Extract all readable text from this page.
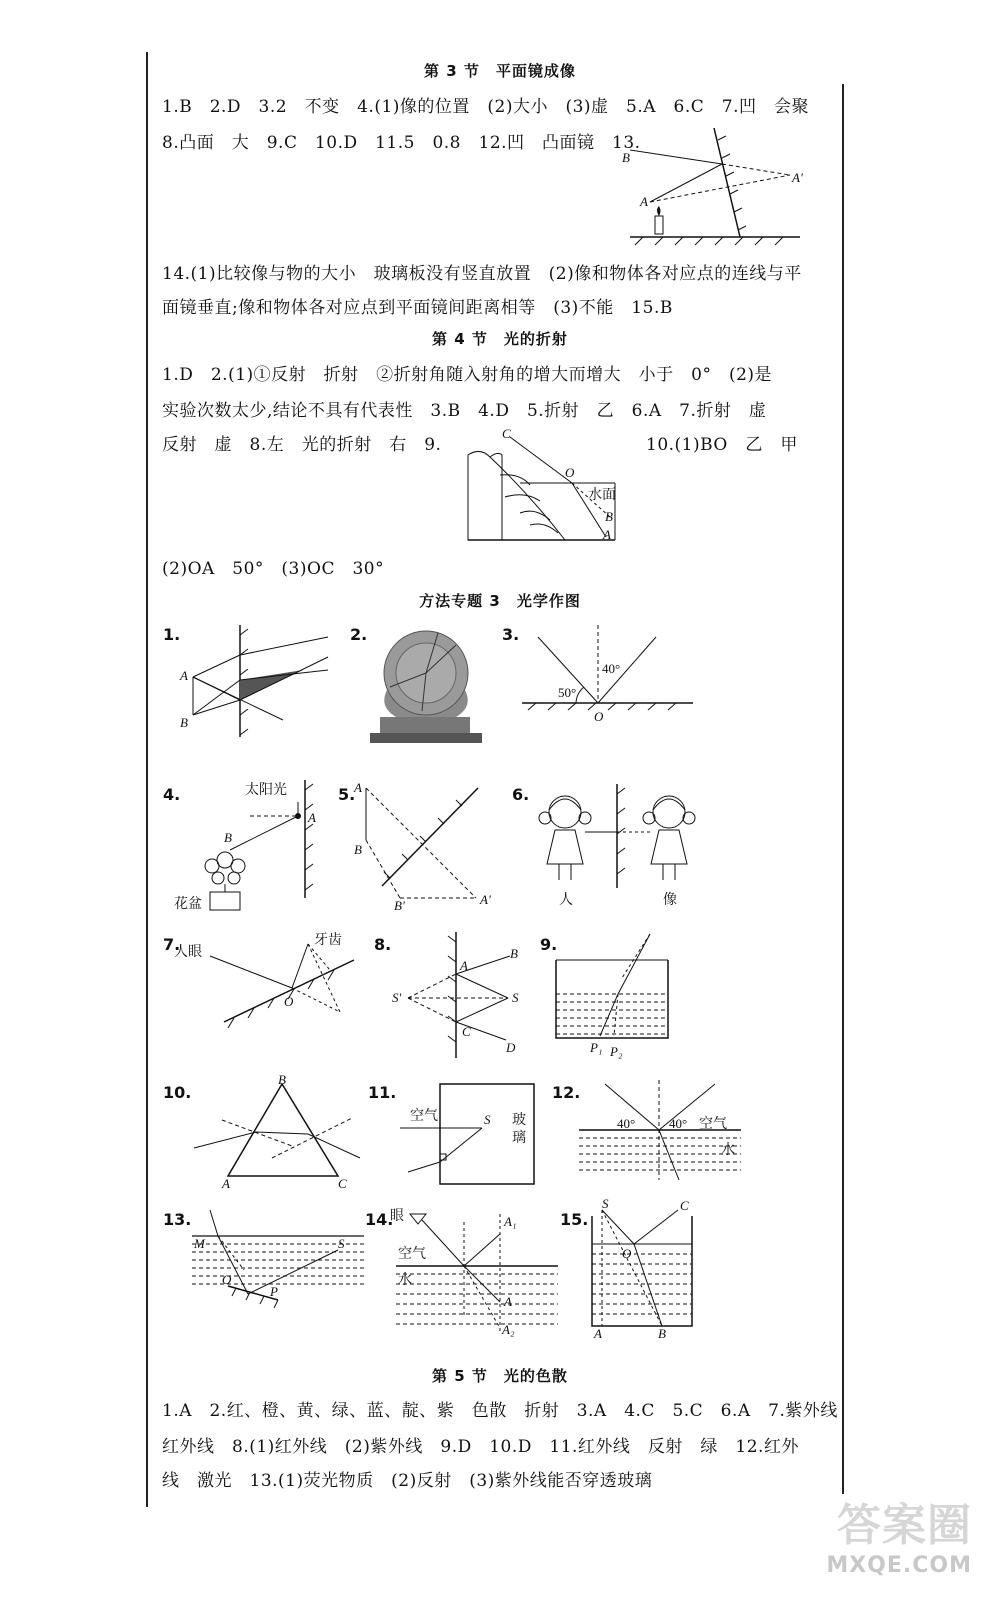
第 3 节　平面镜成像
1.B　2.D　3.2　不变　4.(1)像的位置　(2)大小　(3)虚　5.A　6.C　7.凹　会聚
8.凸面　大　9.C　10.D　11.5　0.8　12.凹　凸面镜　13.
B
A
A'
14.(1)比较像与物的大小　玻璃板没有竖直放置　(2)像和物体各对应点的连线与平
面镜垂直;像和物体各对应点到平面镜间距离相等　(3)不能　15.B
第 4 节　光的折射
1.D　2.(1)①反射　折射　②折射角随入射角的增大而增大　小于　0°　(2)是
实验次数太少,结论不具有代表性　3.B　4.D　5.折射　乙　6.A　7.折射　虚
反射　虚　8.左　光的折射　右　9.	10.(1)BO　乙　甲
C
O
水面
B
A
(2)OA　50°　(3)OC　30°
方法专题 3　光学作图
1.
A
B
2.	3.
40°
50°
O
4.	太阳光
A
B
花盆
5.
A
B
B'	A'
6.
人	像
7.
人眼
牙齿
O
8.
A
B
S'	S
C
D
9.
P₁ P₂
10.
B
A	C
11.
空气	S 玻
璃
12.
40°	40° 空气
水
13.
M	S
O
P
14.
眼	A₁
空气
水
A
A₂
15.
S	C
O
A	B
第 5 节　光的色散
1.A　2.红、橙、黄、绿、蓝、靛、紫　色散　折射　3.A　4.C　5.C　6.A　7.紫外线
红外线　8.(1)红外线　(2)紫外线　9.D　10.D　11.红外线　反射　绿　12.红外
线　激光　13.(1)荧光物质　(2)反射　(3)紫外线能否穿透玻璃
答案圈
MXQE.COM
